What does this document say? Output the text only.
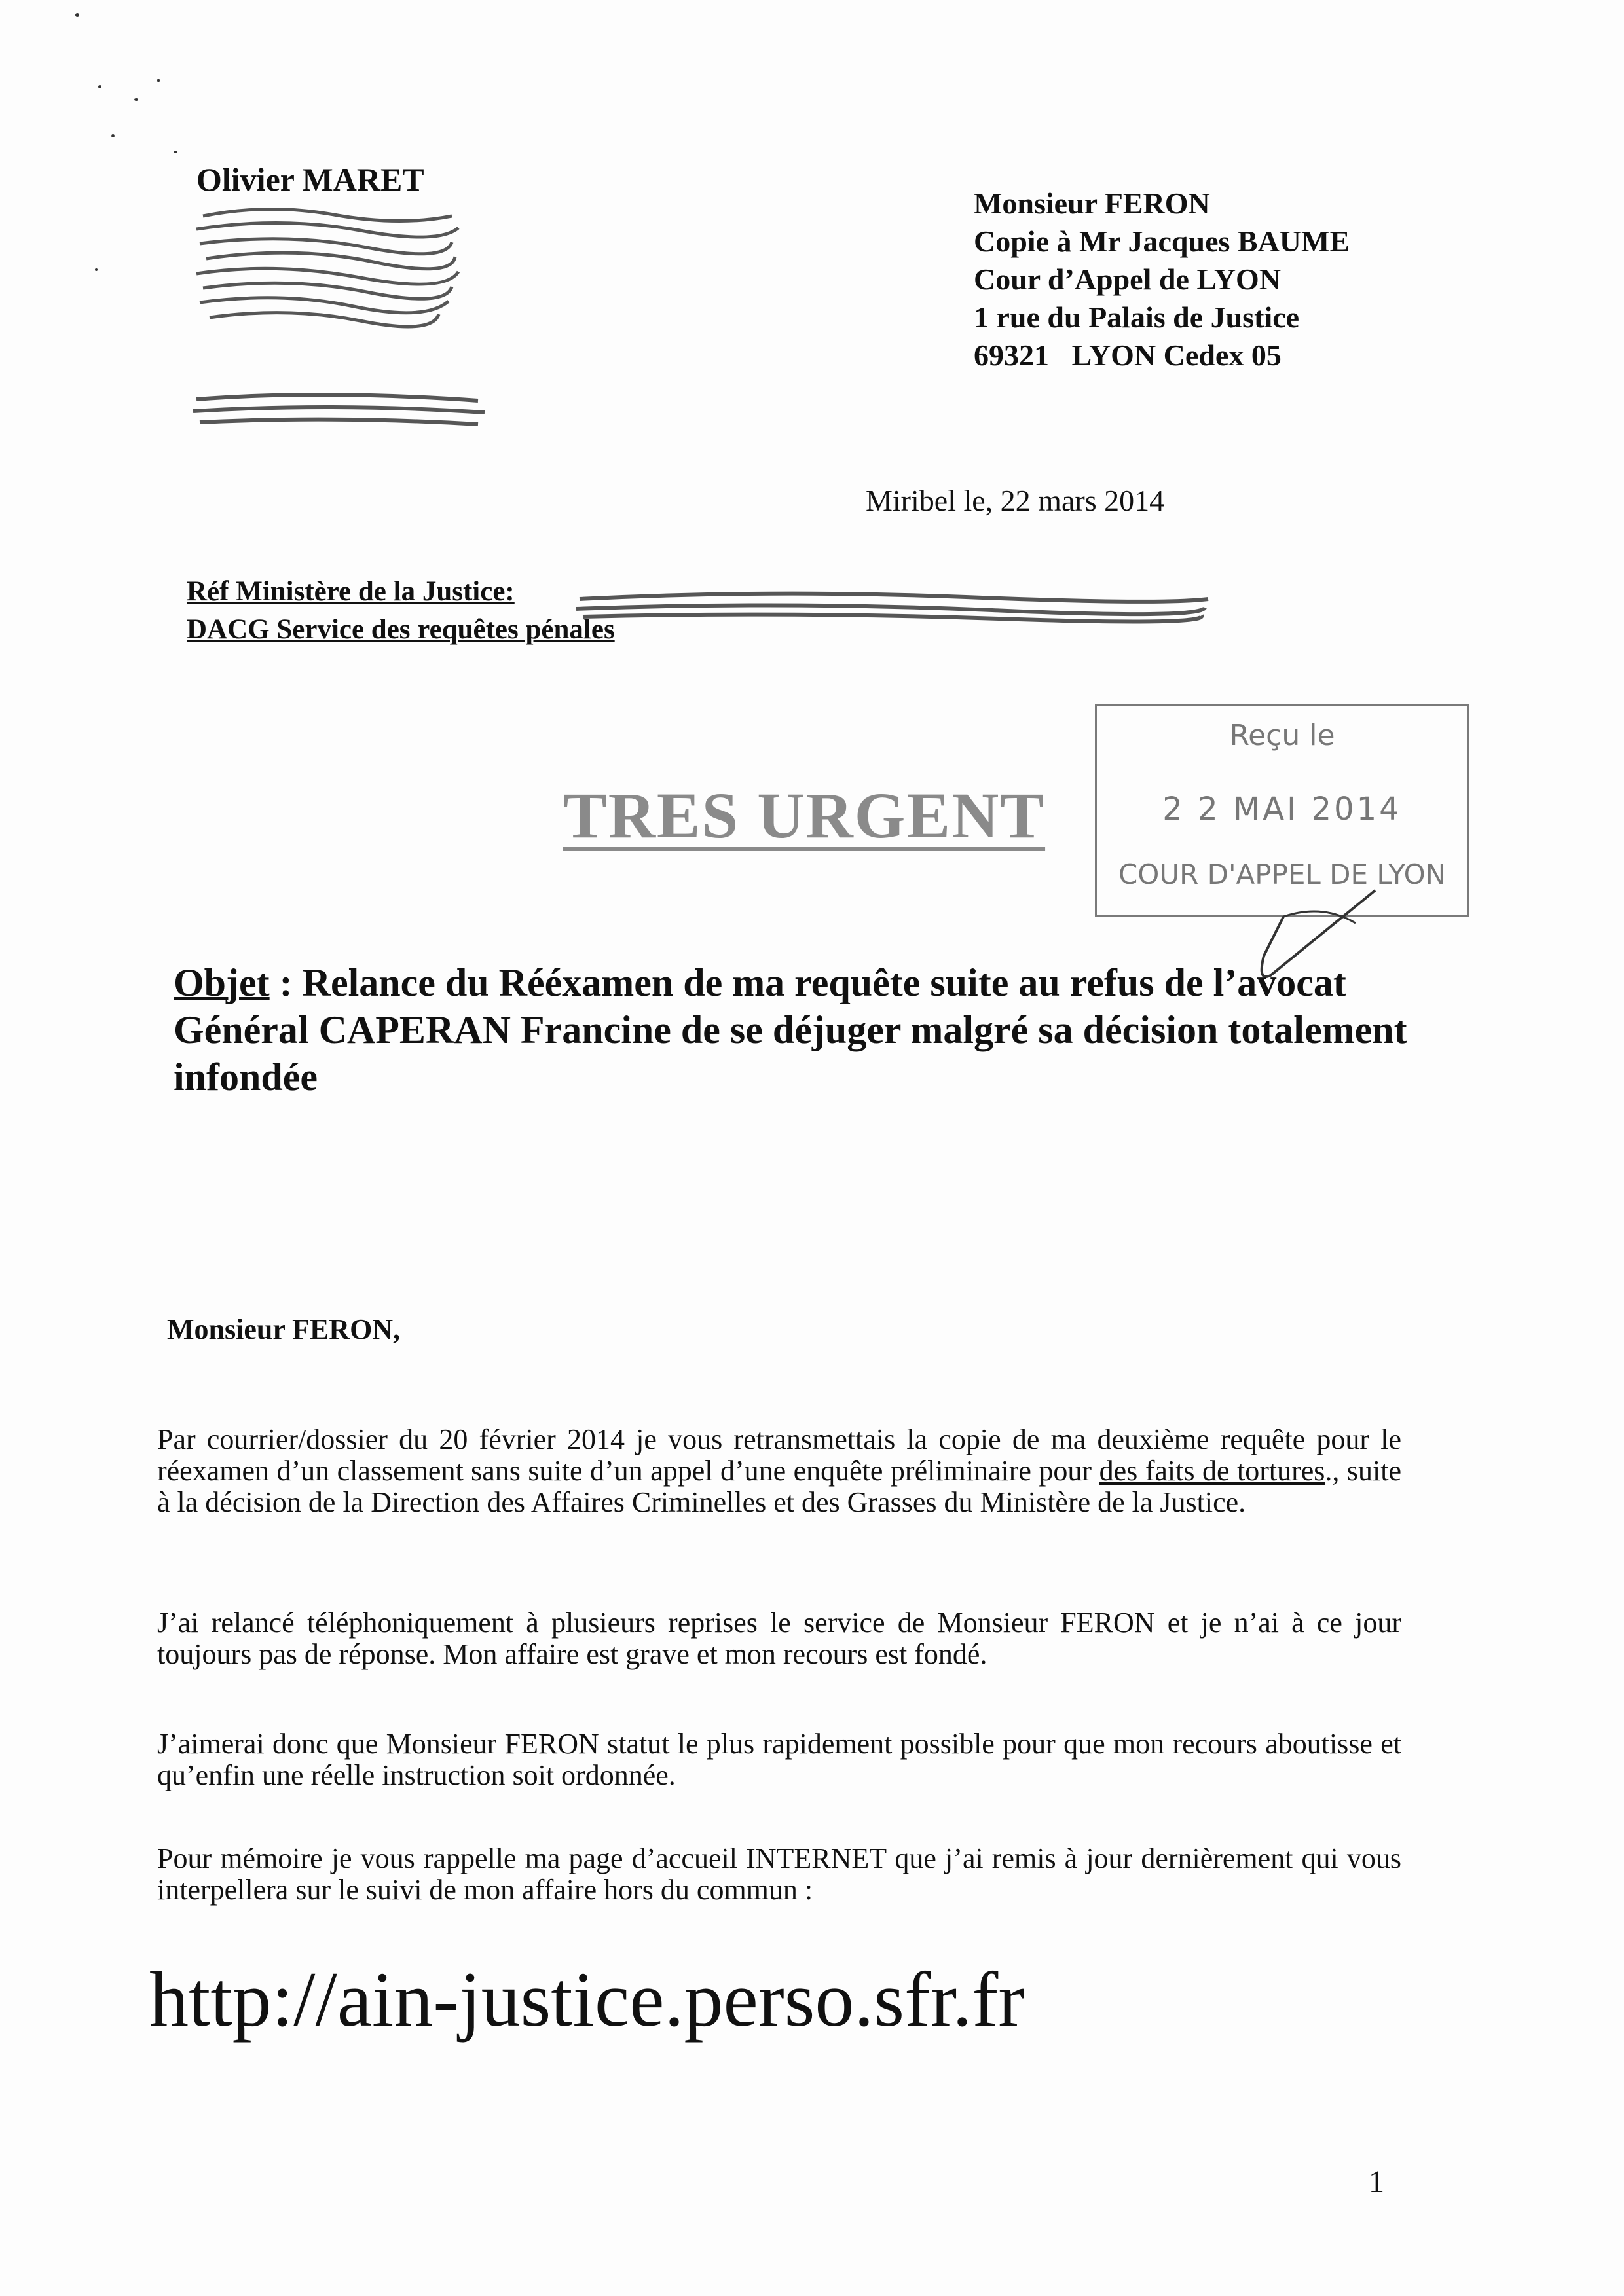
Olivier MARET
Monsieur FERON
Copie à Mr Jacques BAUME
Cour d’Appel de LYON
1 rue du Palais de Justice
69321   LYON Cedex 05
Miribel le, 22 mars 2014
Réf Ministère de la Justice:
DACG Service des requêtes pénales
TRES URGENT
Reçu le
2 2 MAI 2014
COUR D'APPEL DE LYON
Objet : Relance du Rééxamen de ma requête suite au refus de l’avocat Général CAPERAN Francine de se déjuger malgré sa décision totalement infondée
Monsieur FERON,
Par courrier/dossier du 20 février 2014 je vous retransmettais la copie de ma deuxième requête pour le réexamen d’un classement sans suite d’un appel d’une enquête préliminaire pour des faits de tortures., suite à la décision de la Direction des Affaires Criminelles et des Grasses du Ministère de la Justice.
J’ai relancé téléphoniquement à plusieurs reprises le service de Monsieur FERON et je n’ai à ce jour toujours pas de réponse. Mon affaire est grave et mon recours est fondé.
J’aimerai donc que Monsieur FERON statut le plus rapidement possible pour que mon recours aboutisse et qu’enfin une réelle instruction soit ordonnée.
Pour mémoire je vous rappelle ma page d’accueil INTERNET que j’ai remis à jour dernièrement qui vous interpellera sur le suivi de mon affaire hors du commun :
http://ain-justice.perso.sfr.fr
1
